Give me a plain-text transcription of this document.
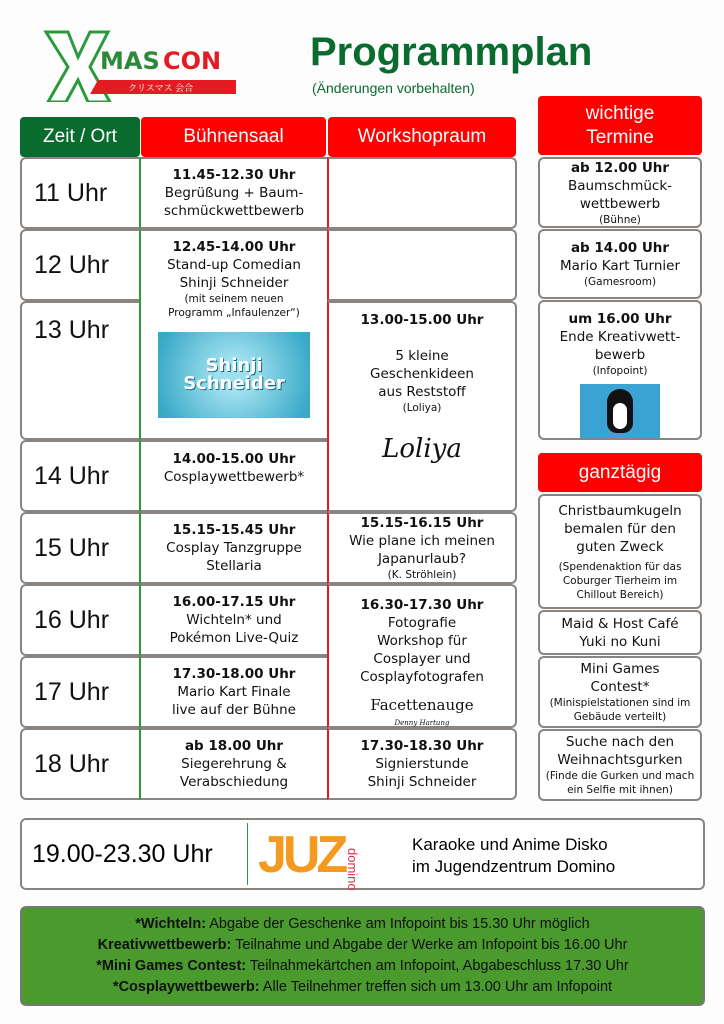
MAS CON
クリスマス 会合
Programmplan
(Änderungen vorbehalten)
Zeit / Ort	Bühnensaal	Workshopraum
wichtige Termine
11 Uhr
12 Uhr
13 Uhr
14 Uhr
15 Uhr
16 Uhr
17 Uhr
18 Uhr
11.45-12.30 Uhr
Begrüßung + Baum-schmückwettbewerb
12.45-14.00 Uhr
Stand-up Comedian Shinji Schneider
(mit seinem neuen Programm „Infaulenzer“)
Shinji Schneider
14.00-15.00 Uhr
Cosplaywettbewerb*
15.15-15.45 Uhr
Cosplay Tanzgruppe Stellaria
16.00-17.15 Uhr
Wichteln* und Pokémon Live-Quiz
17.30-18.00 Uhr
Mario Kart Finale live auf der Bühne
ab 18.00 Uhr
Siegerehrung & Verabschiedung
13.00-15.00 Uhr
5 kleine Geschenkideen aus Reststoff
(Loliya)
Loliya
15.15-16.15 Uhr
Wie plane ich meinen Japanurlaub?
(K. Ströhlein)
16.30-17.30 Uhr
Fotografie Workshop für Cosplayer und Cosplayfotografen
Facettenauge
Denny Hartung
17.30-18.30 Uhr
Signierstunde Shinji Schneider
ab 12.00 Uhr
Baumschmück-wettbewerb
(Bühne)
ab 14.00 Uhr
Mario Kart Turnier
(Gamesroom)
um 16.00 Uhr
Ende Kreativwett-bewerb
(Infopoint)
ganztägig
Christbaumkugeln bemalen für den guten Zweck
(Spendenaktion für das Coburger Tierheim im Chillout Bereich)
Maid & Host Café Yuki no Kuni
Mini Games Contest*
(Minispielstationen sind im Gebäude verteilt)
Suche nach den Weihnachtsgurken
(Finde die Gurken und mach ein Selfie mit ihnen)
19.00-23.30 Uhr JUZ domino
Karaoke und Anime Disko
im Jugendzentrum Domino
*Wichteln: Abgabe der Geschenke am Infopoint bis 15.30 Uhr möglich
Kreativwettbewerb: Teilnahme und Abgabe der Werke am Infopoint bis 16.00 Uhr
*Mini Games Contest: Teilnahmekärtchen am Infopoint, Abgabeschluss 17.30 Uhr
*Cosplaywettbewerb: Alle Teilnehmer treffen sich um 13.00 Uhr am Infopoint
